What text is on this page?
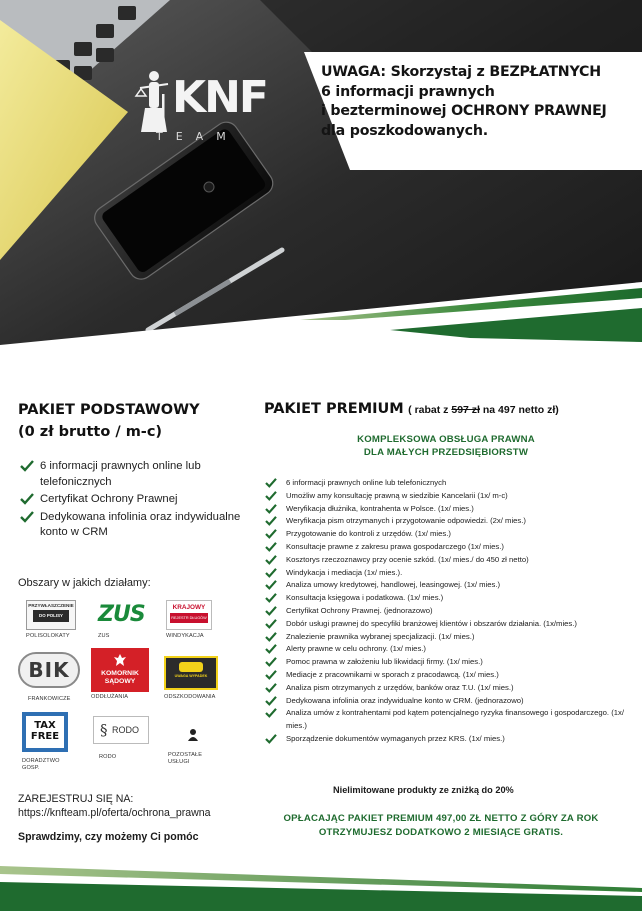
KNF
TEAM
UWAGA: Skorzystaj z BEZPŁATNYCH
6 informacji prawnych
i bezterminowej OCHRONY PRAWNEJ
dla poszkodowanych.
PAKIET PODSTAWOWY
(0 zł brutto / m-c)
6 informacji prawnych online lub telefonicznych
Certyfikat Ochrony Prawnej
Dedykowana infolinia oraz indywidualne konto w CRM
Obszary w jakich działamy:
PRZYWŁASZCZENIE
DO POLISY
POLISOLOKATY
ZUS
ZUS
KRAJOWY
REJESTR DŁUGÓW
WINDYKACJA
BIK
FRANKOWICZE
KOMORNIK
SĄDOWY
ODDŁUŻANIA
UWAGA WYPADEK
ODSZKODOWANIA
TAX
FREE
DORADZTWO GOSP.
§ RODO
RODO	POZOSTAŁE USŁUGI
ZAREJESTRUJ SIĘ NA:
https://knfteam.pl/oferta/ochrona_prawna
Sprawdzimy, czy możemy Ci pomóc
PAKIET PREMIUM ( rabat z 597 zł na 497 netto zł)
KOMPLEKSOWA OBSŁUGA PRAWNA
DLA MAŁYCH PRZEDSIĘBIORSTW
6 informacji prawnych online lub telefonicznych
Umożliw amy konsultację prawną w siedzibie Kancelarii (1x/ m-c)
Weryfikacja dłużnika, kontrahenta w Polsce. (1x/ mies.)
Weryfikacja pism otrzymanych i przygotowanie odpowiedzi. (2x/ mies.)
Przygotowanie do kontroli z urzędów. (1x/ mies.)
Konsultacje prawne z zakresu prawa gospodarczego (1x/ mies.)
Kosztorys rzeczoznawcy przy ocenie szkód. (1x/ mies./ do 450 zł netto)
Windykacja i mediacja (1x/ mies.).
Analiza umowy kredytowej, handlowej, leasingowej. (1x/ mies.)
Konsultacja księgowa i podatkowa. (1x/ mies.)
Certyfikat Ochrony Prawnej. (jednorazowo)
Dobór usługi prawnej do specyfiki branżowej klientów i obszarów działania. (1x/mies.)
Znalezienie prawnika wybranej specjalizacji. (1x/ mies.)
Alerty prawne w celu ochrony. (1x/ mies.)
Pomoc prawna w założeniu lub likwidacji firmy. (1x/ mies.)
Mediacje z pracownikami w sporach z pracodawcą. (1x/ mies.)
Analiza pism otrzymanych z urzędów, banków oraz T.U. (1x/ mies.)
Dedykowana infolinia oraz indywidualne konto w CRM. (jednorazowo)
Analiza umów z kontrahentami pod kątem potencjalnego ryzyka finansowego i gospodarczego. (1x/ mies.)
Sporządzenie dokumentów wymaganych przez KRS. (1x/ mies.)
Nielimitowane produkty ze zniżką do 20%
OPŁACAJĄC PAKIET PREMIUM 497,00 ZŁ NETTO Z GÓRY ZA ROK
OTRZYMUJESZ DODATKOWO 2 MIESIĄCE GRATIS.
